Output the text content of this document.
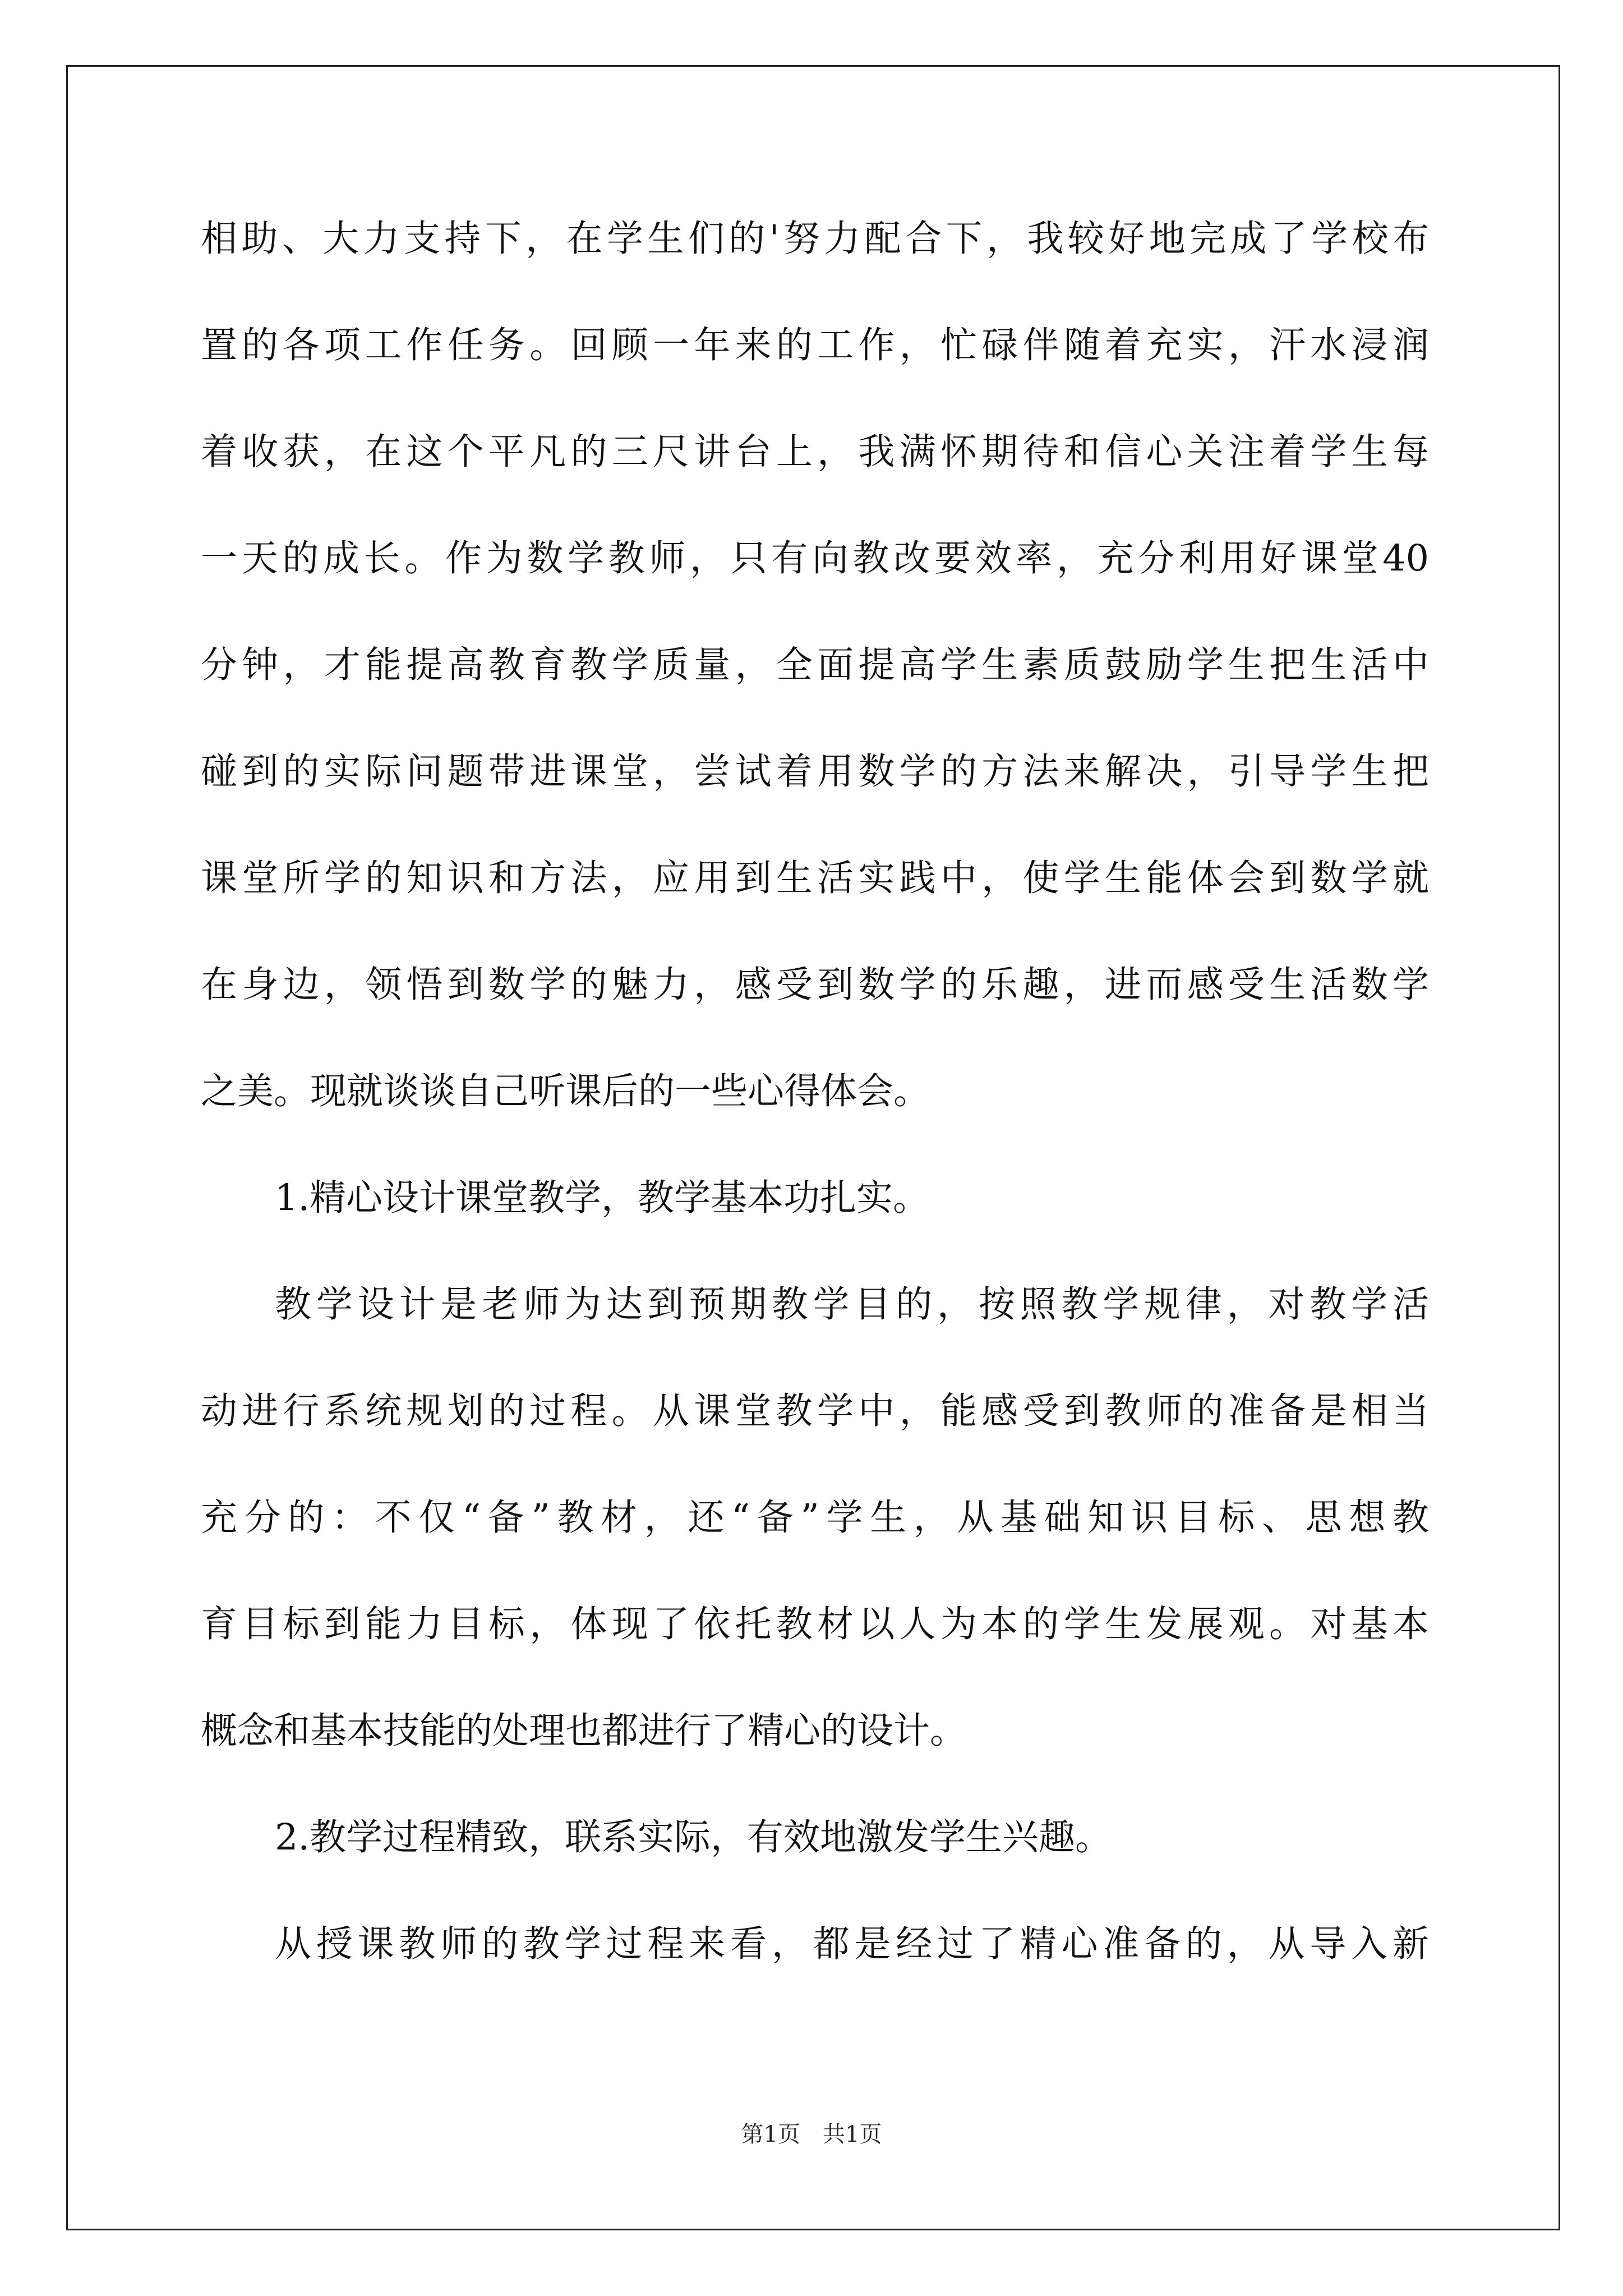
相助、大力支持下，在学生们的'努力配合下，我较好地完成了学校布
置的各项工作任务。回顾一年来的工作，忙碌伴随着充实，汗水浸润
着收获，在这个平凡的三尺讲台上，我满怀期待和信心关注着学生每
一天的成长。作为数学教师，只有向教改要效率，充分利用好课堂40
分钟，才能提高教育教学质量，全面提高学生素质鼓励学生把生活中
碰到的实际问题带进课堂，尝试着用数学的方法来解决，引导学生把
课堂所学的知识和方法，应用到生活实践中，使学生能体会到数学就
在身边，领悟到数学的魅力，感受到数学的乐趣，进而感受生活数学
之美。现就谈谈自己听课后的一些心得体会。
1.精心设计课堂教学，教学基本功扎实。
教学设计是老师为达到预期教学目的，按照教学规律，对教学活
动进行系统规划的过程。从课堂教学中，能感受到教师的准备是相当
充分的：不仅“备”教材，还“备”学生，从基础知识目标、思想教
育目标到能力目标，体现了依托教材以人为本的学生发展观。对基本
概念和基本技能的处理也都进行了精心的设计。
2.教学过程精致，联系实际，有效地激发学生兴趣。
从授课教师的教学过程来看，都是经过了精心准备的，从导入新
第1页　共1页
